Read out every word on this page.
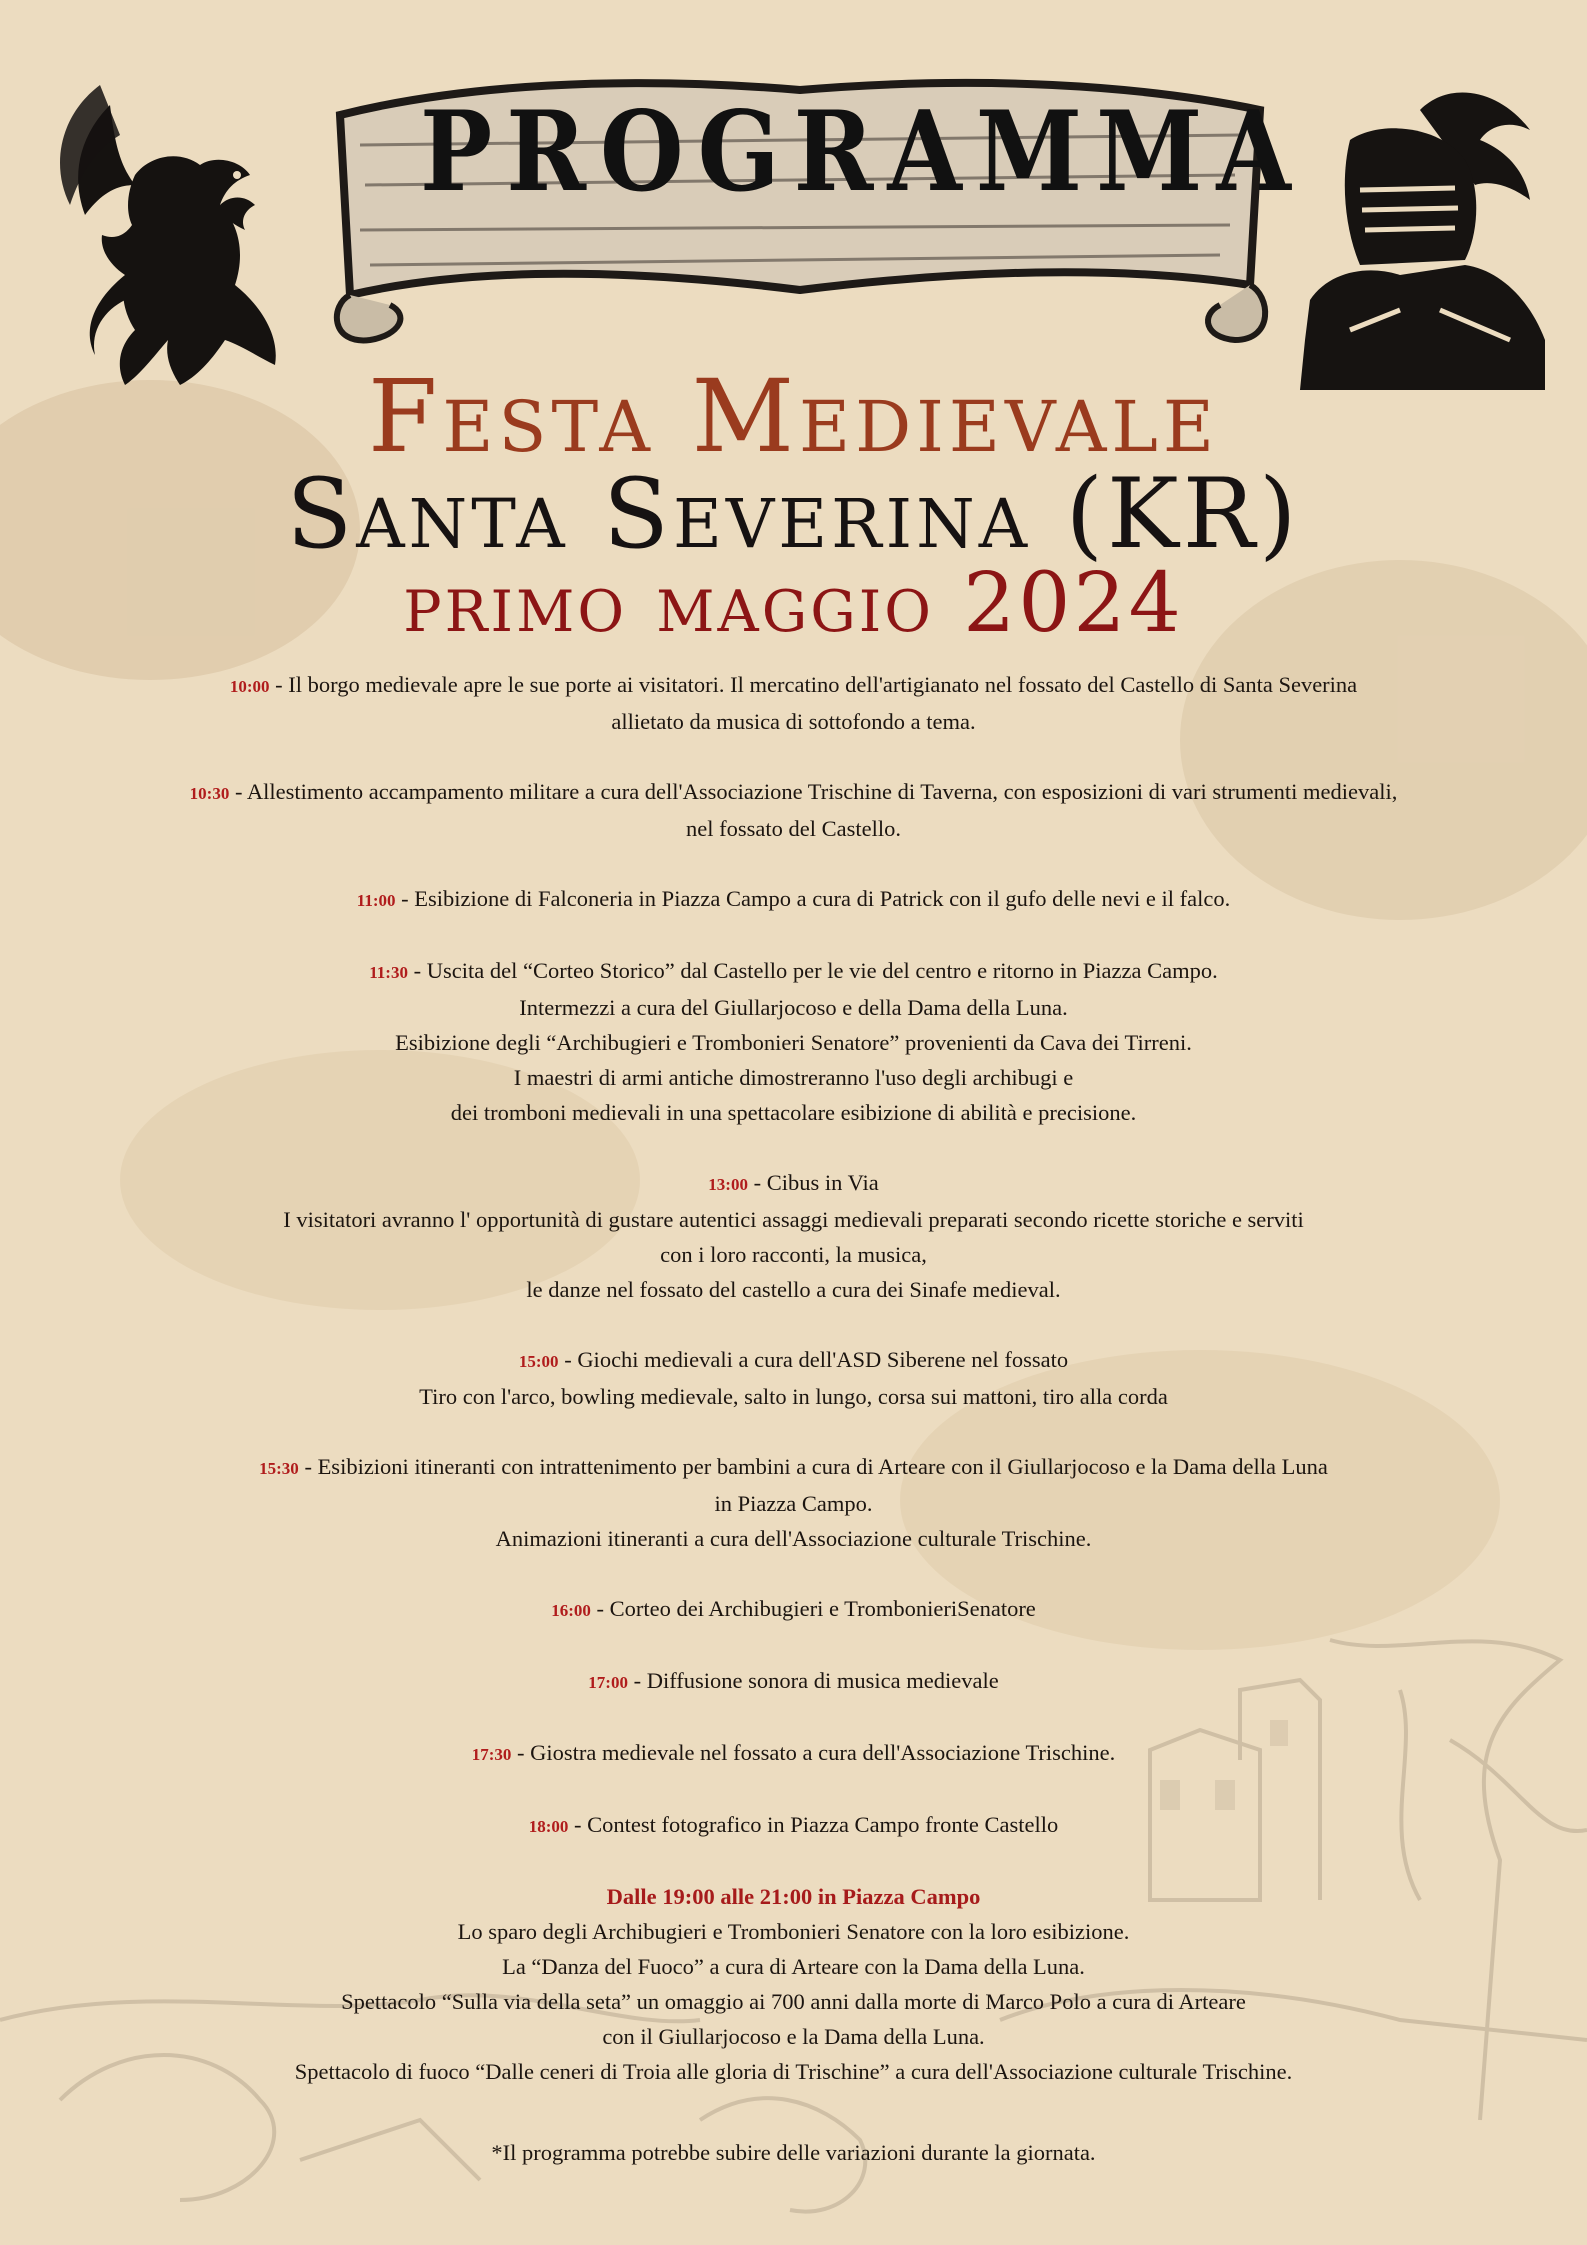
PROGRAMMA
Festa Medievale
Santa Severina (KR)
primo maggio 2024
10:00 - Il borgo medievale apre le sue porte ai visitatori. Il mercatino dell'artigianato nel fossato del Castello di Santa Severina
allietato da musica di sottofondo a tema.
10:30 - Allestimento accampamento militare a cura dell'Associazione Trischine di Taverna, con esposizioni di vari strumenti medievali,
nel fossato del Castello.
11:00 - Esibizione di Falconeria in Piazza Campo a cura di Patrick con il gufo delle nevi e il falco.
11:30 - Uscita del “Corteo Storico” dal Castello per le vie del centro e ritorno in Piazza Campo.
Intermezzi a cura del Giullarjocoso e della Dama della Luna.
Esibizione degli “Archibugieri e Trombonieri Senatore” provenienti da Cava dei Tirreni.
I maestri di armi antiche dimostreranno l'uso degli archibugi e
dei tromboni medievali in una spettacolare esibizione di abilità e precisione.
13:00 - Cibus in Via
I visitatori avranno l' opportunità di gustare autentici assaggi medievali preparati secondo ricette storiche e serviti
con i loro racconti, la musica,
le danze nel fossato del castello a cura dei Sinafe medieval.
15:00 - Giochi medievali a cura dell'ASD Siberene nel fossato
Tiro con l'arco, bowling medievale, salto in lungo, corsa sui mattoni, tiro alla corda
15:30 - Esibizioni itineranti con intrattenimento per bambini a cura di Arteare con il Giullarjocoso e la Dama della Luna
in Piazza Campo.
Animazioni itineranti a cura dell'Associazione culturale Trischine.
16:00 - Corteo dei Archibugieri e TrombonieriSenatore
17:00 - Diffusione sonora di musica medievale
17:30 - Giostra medievale nel fossato a cura dell'Associazione Trischine.
18:00 - Contest fotografico in Piazza Campo fronte Castello
Dalle 19:00 alle 21:00 in Piazza Campo
Lo sparo degli Archibugieri e Trombonieri Senatore con la loro esibizione.
La “Danza del Fuoco” a cura di Arteare con la Dama della Luna.
Spettacolo “Sulla via della seta” un omaggio ai 700 anni dalla morte di Marco Polo a cura di Arteare
con il Giullarjocoso e la Dama della Luna.
Spettacolo di fuoco “Dalle ceneri di Troia alle gloria di Trischine” a cura dell'Associazione culturale Trischine.
*Il programma potrebbe subire delle variazioni durante la giornata.
